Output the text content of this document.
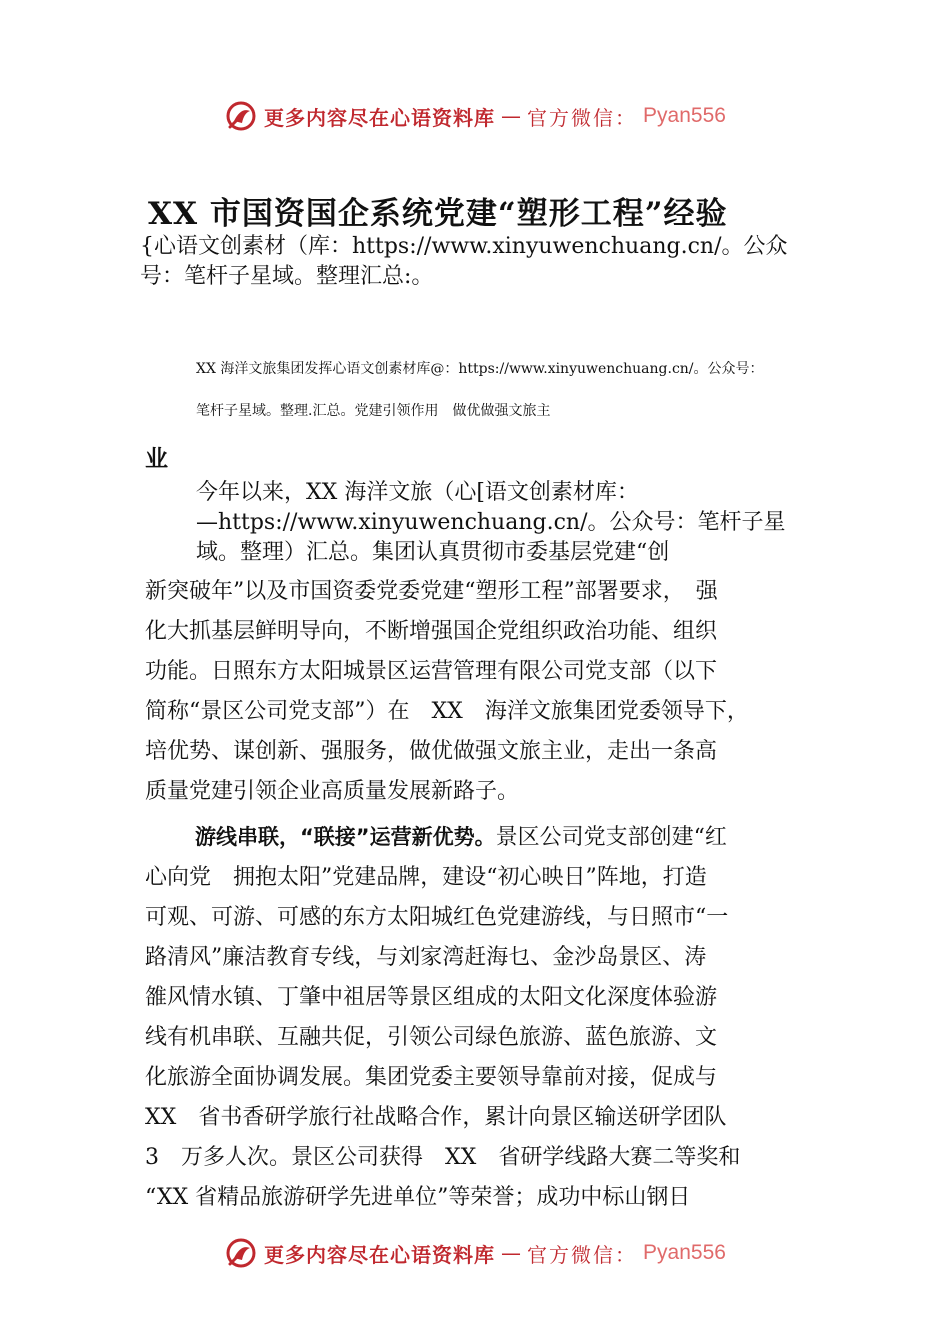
更多内容尽在心语资料库 — 官方微信： Pyan556
XX 市国资国企系统党建“塑形工程”经验
{心语文创素材（库：https://www.xinyuwenchuang.cn/。公众
号：笔杆子星域。整理汇总:。
XX 海洋文旅集团发挥心语文创素材库@：https://www.xinyuwenchuang.cn/。公众号：
笔杆子星域。整理.汇总。党建引领作用　做优做强文旅主
业
今年以来，XX 海洋文旅（心[语文创素材库：
—https://www.xinyuwenchuang.cn/。公众号：笔杆子星
域。整理）汇总。集团认真贯彻市委基层党建“创
新突破年”以及市国资委党委党建“塑形工程”部署要求，　强
化大抓基层鲜明导向，不断增强国企党组织政治功能、组织
功能。日照东方太阳城景区运营管理有限公司党支部（以下
简称“景区公司党支部”）在　XX　海洋文旅集团党委领导下，
培优势、谋创新、强服务，做优做强文旅主业，走出一条高
质量党建引领企业高质量发展新路子。
游线串联，“联接”运营新优势。景区公司党支部创建“红
心向党　拥抱太阳”党建品牌，建设“初心映日”阵地，打造
可观、可游、可感的东方太阳城红色党建游线，与日照市“一
路清风”廉洁教育专线，与刘家湾赶海乜、金沙岛景区、涛
雒风情水镇、丁肇中祖居等景区组成的太阳文化深度体验游
线有机串联、互融共促，引领公司绿色旅游、蓝色旅游、文
化旅游全面协调发展。集团党委主要领导靠前对接，促成与
XX　省书香研学旅行社战略合作，累计向景区输送研学团队
3　万多人次。景区公司获得　XX　省研学线路大赛二等奖和
“XX 省精品旅游研学先进单位”等荣誉；成功中标山钢日
更多内容尽在心语资料库 — 官方微信： Pyan556
